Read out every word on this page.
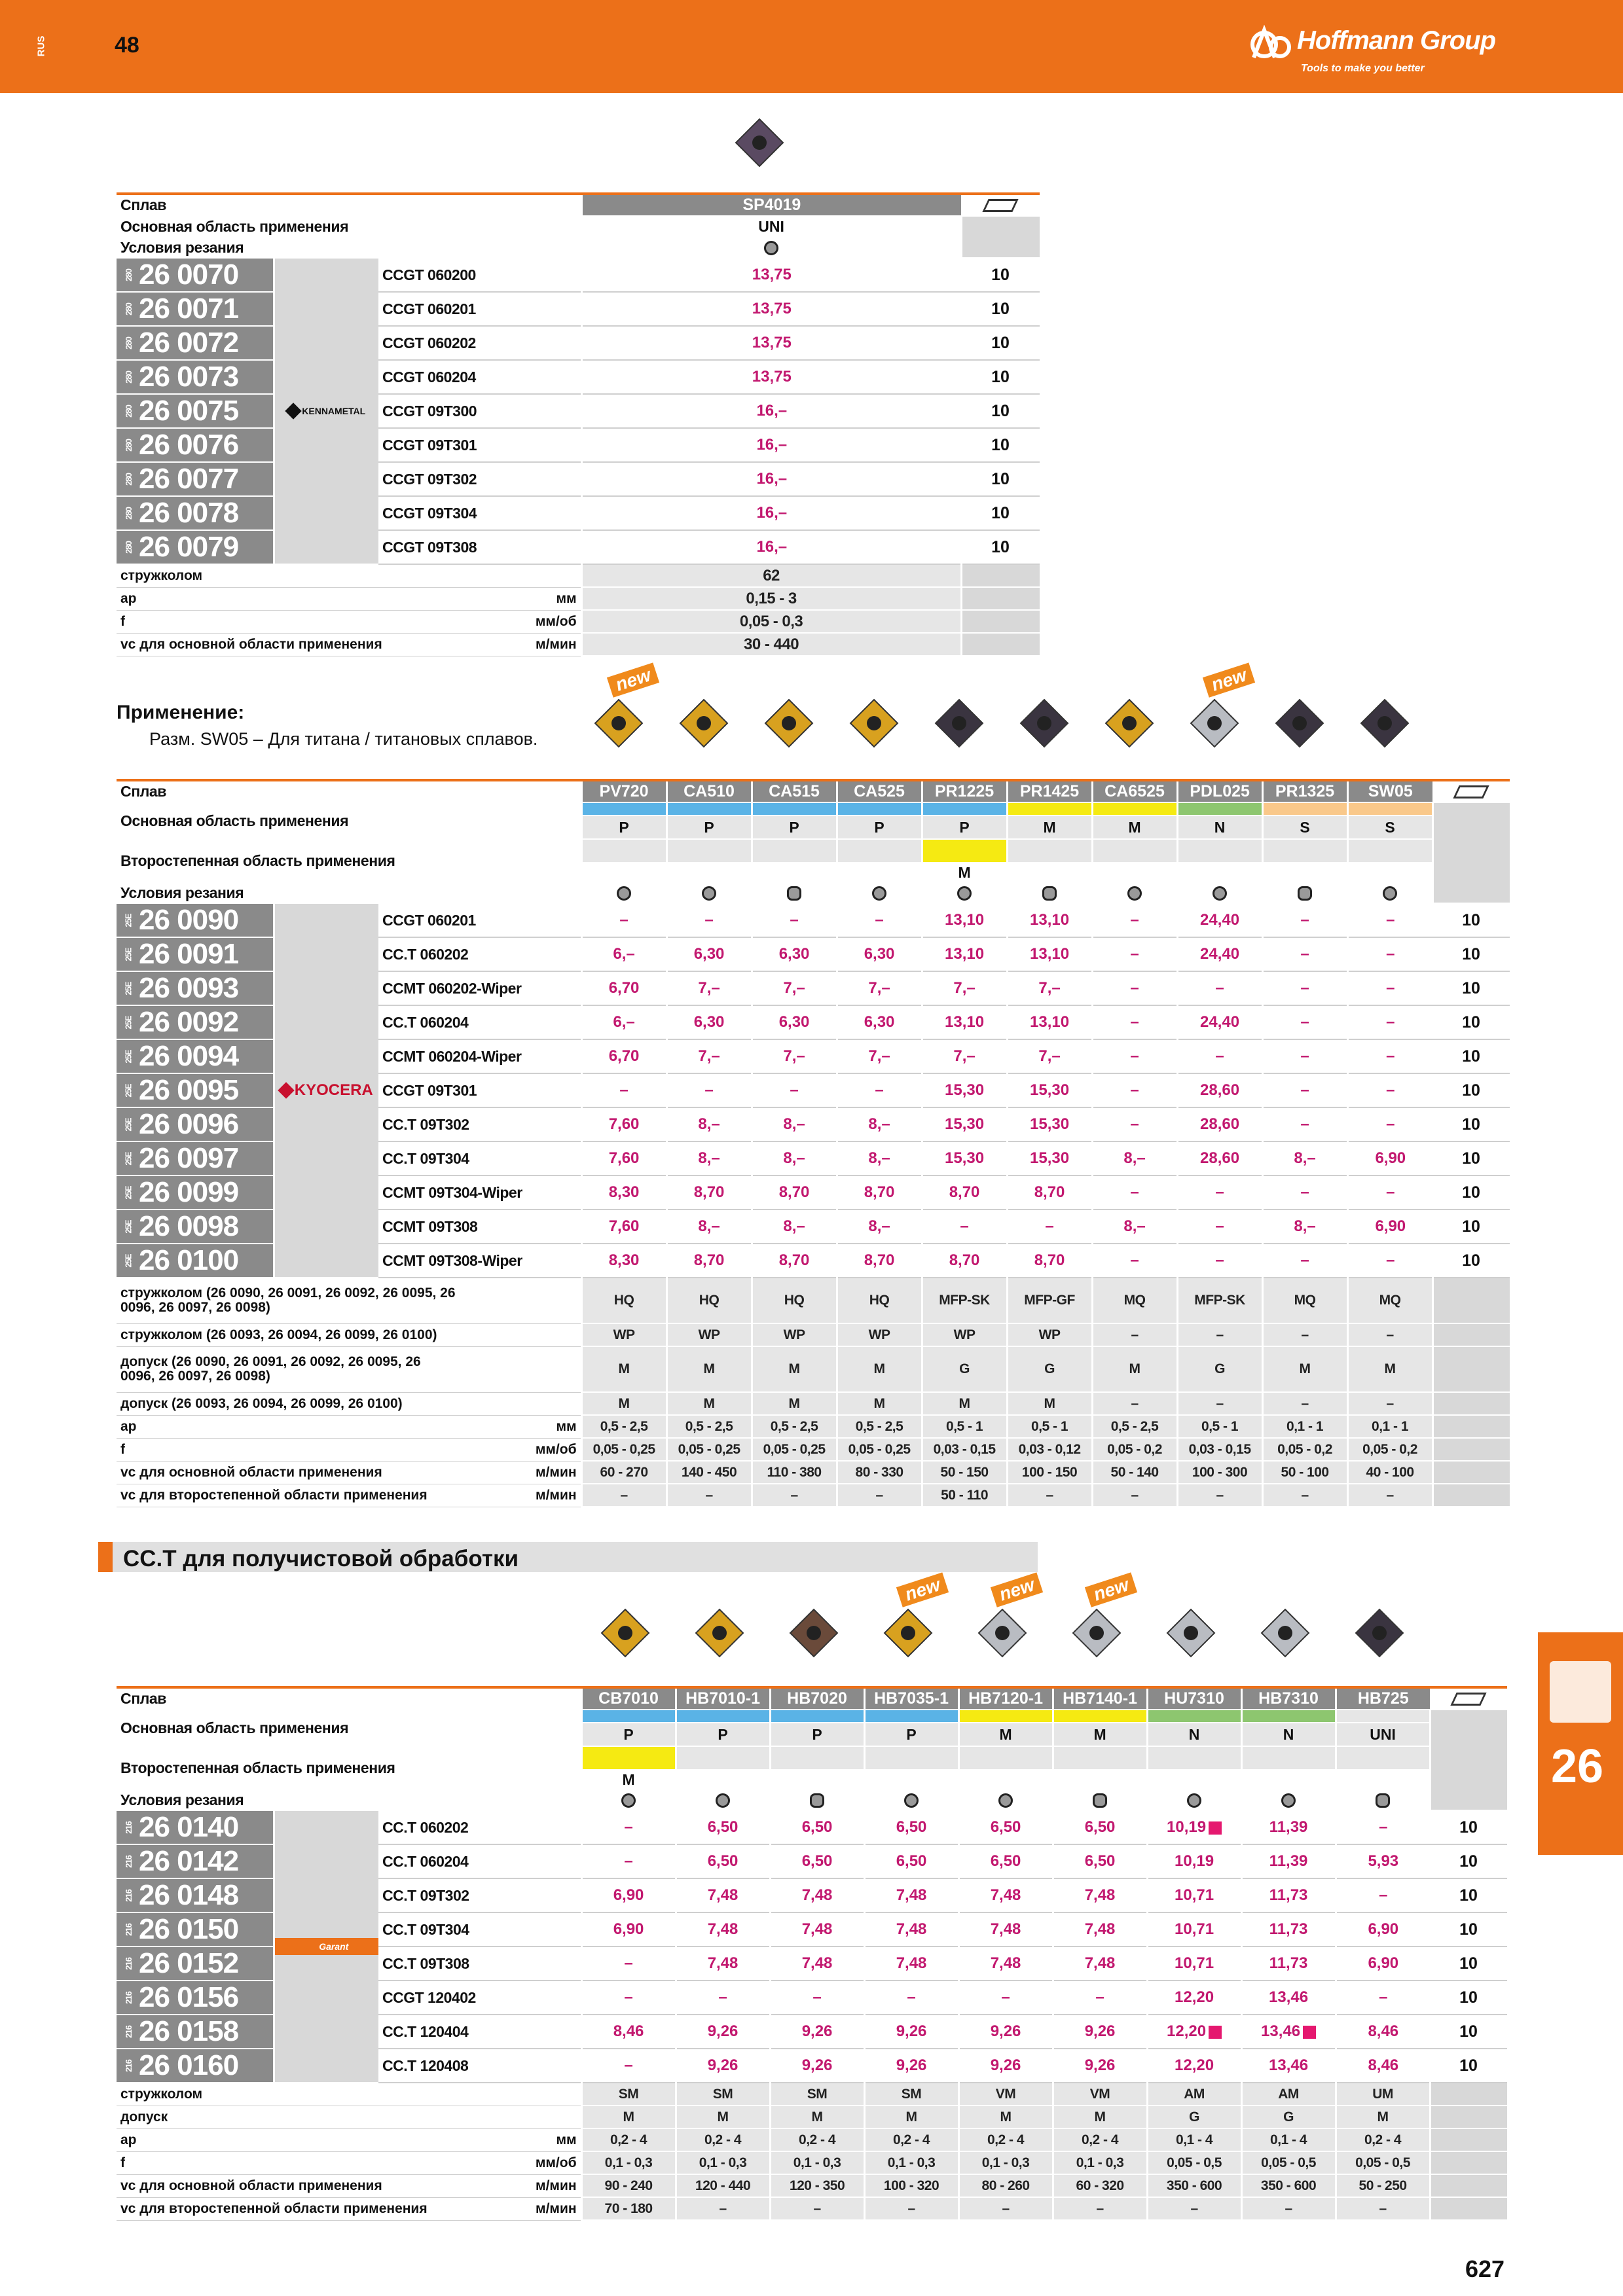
RUS	48	Hoffmann Group
Tools to make you better
new	new
new	new	new
Применение:
Разм. SW05 – Для титана / титановых сплавов.
CC.T для получистовой обработки
Сплав				SP4019	
Основная область применения				UNI	
Условия резания					

280 26 0070	KENNAMETAL	CCGT 060200		13,75	10

280 26 0071		CCGT 060201		13,75	10

280 26 0072		CCGT 060202		13,75	10

280 26 0073		CCGT 060204		13,75	10

280 26 0075		CCGT 09T300		16,–	10

280 26 0076		CCGT 09T301		16,–	10

280 26 0077		CCGT 09T302		16,–	10

280 26 0078		CCGT 09T304		16,–	10

280 26 0079		CCGT 09T308		16,–	10
стружколом				62	
ap			мм	0,15 - 3	
f			мм/об	0,05 - 0,3	
vc для основной области применения			м/мин	30 - 440	
Сплав				PV720	CA510	CA515	CA525	PR1225	PR1425	CA6525	PDL025	PR1325	SW05	
Основная область применения														
				P	P	P	P	P	M	M	N	S	S	
Второстепенная область применения														
								M						
Условия резания														

25E 26 0090	KYOCERA	CCGT 060201		–	–	–	–	13,10	13,10	–	24,40	–	–	10

25E 26 0091		CC.T 060202		6,–	6,30	6,30	6,30	13,10	13,10	–	24,40	–	–	10

25E 26 0093		CCMT 060202-Wiper		6,70	7,–	7,–	7,–	7,–	7,–	–	–	–	–	10

25E 26 0092		CC.T 060204		6,–	6,30	6,30	6,30	13,10	13,10	–	24,40	–	–	10

25E 26 0094		CCMT 060204-Wiper		6,70	7,–	7,–	7,–	7,–	7,–	–	–	–	–	10

25E 26 0095		CCGT 09T301		–	–	–	–	15,30	15,30	–	28,60	–	–	10

25E 26 0096		CC.T 09T302		7,60	8,–	8,–	8,–	15,30	15,30	–	28,60	–	–	10

25E 26 0097		CC.T 09T304		7,60	8,–	8,–	8,–	15,30	15,30	8,–	28,60	8,–	6,90	10

25E 26 0099		CCMT 09T304-Wiper		8,30	8,70	8,70	8,70	8,70	8,70	–	–	–	–	10

25E 26 0098		CCMT 09T308		7,60	8,–	8,–	8,–	–	–	8,–	–	8,–	6,90	10

25E 26 0100		CCMT 09T308-Wiper		8,30	8,70	8,70	8,70	8,70	8,70	–	–	–	–	10
стружколом (26 0090, 26 0091, 26 0092, 26 0095, 26 0096, 26 0097, 26 0098)				HQ	HQ	HQ	HQ	MFP-SK	MFP-GF	MQ	MFP-SK	MQ	MQ	
стружколом (26 0093, 26 0094, 26 0099, 26 0100)				WP	WP	WP	WP	WP	WP	–	–	–	–	
допуск (26 0090, 26 0091, 26 0092, 26 0095, 26 0096, 26 0097, 26 0098)				M	M	M	M	G	G	M	G	M	M	
допуск (26 0093, 26 0094, 26 0099, 26 0100)				M	M	M	M	M	M	–	–	–	–	
ap			мм	0,5 - 2,5	0,5 - 2,5	0,5 - 2,5	0,5 - 2,5	0,5 - 1	0,5 - 1	0,5 - 2,5	0,5 - 1	0,1 - 1	0,1 - 1	
f			мм/об	0,05 - 0,25	0,05 - 0,25	0,05 - 0,25	0,05 - 0,25	0,03 - 0,15	0,03 - 0,12	0,05 - 0,2	0,03 - 0,15	0,05 - 0,2	0,05 - 0,2	
vc для основной области применения			м/мин	60 - 270	140 - 450	110 - 380	80 - 330	50 - 150	100 - 150	50 - 140	100 - 300	50 - 100	40 - 100	
vc для второстепенной области применения			м/мин	–	–	–	–	50 - 110	–	–	–	–	–	
Сплав				CB7010	HB7010-1	HB7020	HB7035-1	HB7120-1	HB7140-1	HU7310	HB7310	HB725	
Основная область применения													
				P	P	P	P	M	M	N	N	UNI	
Второстепенная область применения													
				M									
Условия резания													

216 26 0140	Garant	CC.T 060202		–	6,50	6,50	6,50	6,50	6,50	10,19	11,39	–	10

216 26 0142		CC.T 060204		–	6,50	6,50	6,50	6,50	6,50	10,19	11,39	5,93	10

216 26 0148		CC.T 09T302		6,90	7,48	7,48	7,48	7,48	7,48	10,71	11,73	–	10

216 26 0150		CC.T 09T304		6,90	7,48	7,48	7,48	7,48	7,48	10,71	11,73	6,90	10

216 26 0152		CC.T 09T308		–	7,48	7,48	7,48	7,48	7,48	10,71	11,73	6,90	10

216 26 0156		CCGT 120402		–	–	–	–	–	–	12,20	13,46	–	10

216 26 0158		CC.T 120404		8,46	9,26	9,26	9,26	9,26	9,26	12,20	13,46	8,46	10

216 26 0160		CC.T 120408		–	9,26	9,26	9,26	9,26	9,26	12,20	13,46	8,46	10
стружколом				SM	SM	SM	SM	VM	VM	AM	AM	UM	
допуск				M	M	M	M	M	M	G	G	M	
ap			мм	0,2 - 4	0,2 - 4	0,2 - 4	0,2 - 4	0,2 - 4	0,2 - 4	0,1 - 4	0,1 - 4	0,2 - 4	
f			мм/об	0,1 - 0,3	0,1 - 0,3	0,1 - 0,3	0,1 - 0,3	0,1 - 0,3	0,1 - 0,3	0,05 - 0,5	0,05 - 0,5	0,05 - 0,5	
vc для основной области применения			м/мин	90 - 240	120 - 440	120 - 350	100 - 320	80 - 260	60 - 320	350 - 600	350 - 600	50 - 250	
vc для второстепенной области применения			м/мин	70 - 180	–	–	–	–	–	–	–	–	
26
627
